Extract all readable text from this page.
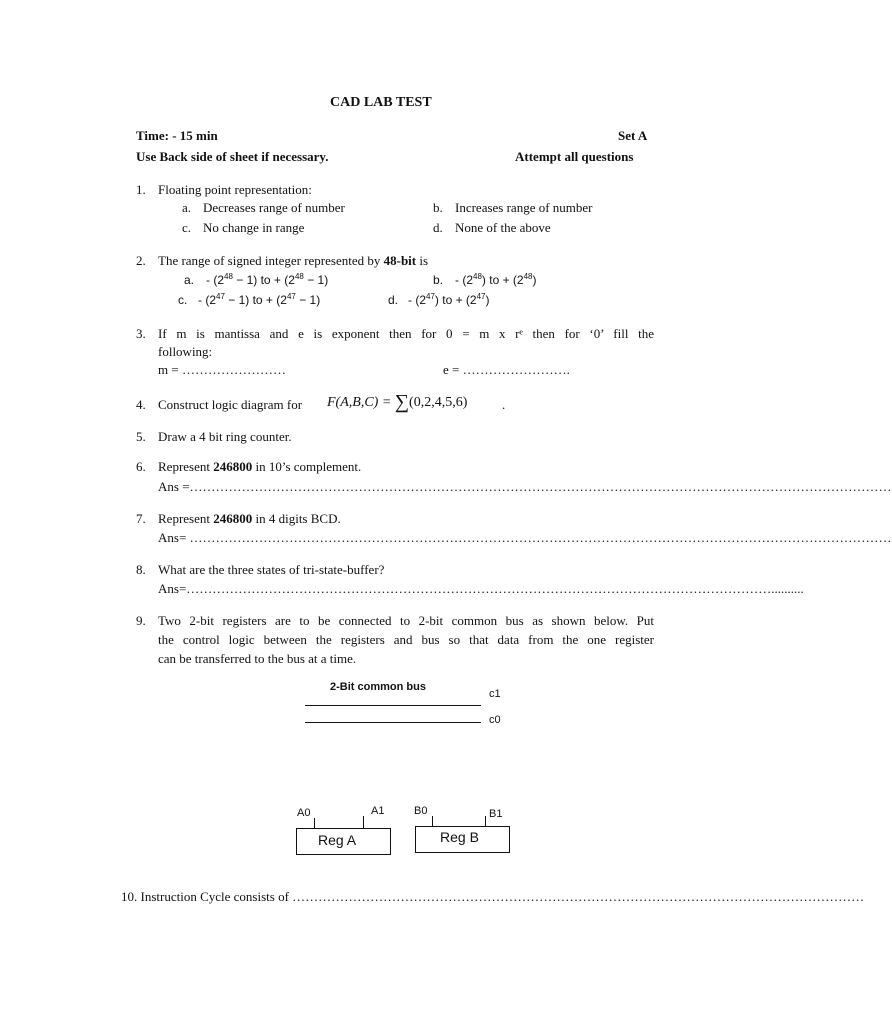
CAD LAB TEST
Time: - 15 min	Set A
Use Back side of sheet if necessary.	Attempt all questions
1. Floating point representation:
a. Decreases range of number	b. Increases range of number
c. No change in range	d. None of the above
2. The range of signed integer represented by 48-bit is
a. - $(2^{48} - 1)$ to + $(2^{48} - 1)$	b. - $(2^{48})$ to + $(2^{48})$
c. - $(2^{47} - 1)$ to + $(2^{47} - 1)$	d. - $(2^{47})$ to + $(2^{47})$
3. If m is mantissa and e is exponent then for 0 = m x rᵉ then for ‘0’ fill the
following:
m = ……………………	e = …………………….
4. Construct logic diagram for F(A,B,C) = ∑(0,2,4,5,6)	.
5. Draw a 4 bit ring counter.
6. Represent 246800 in 10’s complement.
Ans =………………………………………………………………………………………………………………………………………………
7. Represent 246800 in 4 digits BCD.
Ans= ………………………………………………………………………………………………………………………………………………
8. What are the three states of tri-state-buffer?
Ans=………………………………………………………………………………………………………………………..........
9. Two 2-bit registers are to be connected to 2-bit common bus as shown below. Put
the control logic between the registers and bus so that data from the one register
can be transferred to the bus at a time.
2-Bit common bus
c1
c0
A0	A1
Reg A
B0	B1
Reg B
10. Instruction Cycle consists of ……………………………………………………………………………………………………………………
